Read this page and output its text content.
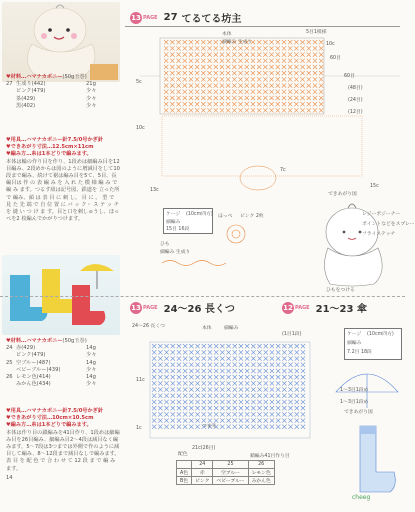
13 PAGE 27 てるてる坊主
♥材料…ハマナカボニー(50g玉巻)
27 生成り(442)	21g
ピンク(479)	少々
茶(429)	少々
黒(402)	少々
♥用具…ハマナカボニー針7.5/0号かぎ針
♥できあがり寸法…12.5cm×11cm
♥編み方…糸は1本どりで編みます。
本体は輪の作り目を作り、1段めは細編み目を12目編み、2段めからは図のように増減目をして10段まで編み、続けて裾は編み目を5て、5目、長編目は 作 の 表 編 み を 入 れ た 模 様 編 み で 編 み ます。つるす紐は記号図、鉄道を 立った所で 編み、顔 は 表 目 に 刺 し。 目 に 。 型 で 見 た 先 端 で 自 位 置 に バ ッ ク・ ス テ ッ チ を 縫 い つ け ま す。目と口を刺しゅうし、ほっぺを2 枚編んでかがりつけます。
♥材料…ハマナカボニー(50g玉巻)
24 赤(429)	14g
ピンク(479)	少々
25 空ブルー(487)	14g
ベビーブルー(439)	少々
26 レモン色(414)	14g
みかん色(434)	少々
♥用具…ハマナカボニー針7.5/0号かぎ針
♥できあがり寸法…10cm×10.5cm
♥編み方…糸は1本どりで編みます。
本体は作り目の鎖編みを41目作り、1段めは細編み目を26目編み、細編み目2〜4段は減目なく編みます。5〜7段は3つまでは外側で作のように減目して編み、8〜12段まで減目なしで編みます。 表 目 を 配 色 で 合 わ せ て 12 段 ま で 編 み ます。
14
本体
細編み 生成り
5目1模様
10c
60目
60目
(48目)
(24目)
(12目)
5c
10c
13c
7c
15c
ケージ (10cm四方)
細編み
15目 16段
ほっぺ ピンク 2枚
ひも
細編み 生成り
できあがり図
レジーポジーナー
ポイントなどをスプレー
フライステッチ
ひもをつける
13 PAGE 24〜26 長くつ	12 PAGE 21〜23 傘
24〜26 長くつ	本体	細編み
(1目1段)
11c
1c	つま先
21c(26目)
鎖編み41目作り目
配色
	24	25	26
A色	赤	空ブルー	レモン色
B色	ピンク	ベビーブルー	みかん色
ケージ (10cm四方)
細編み
7.2目 18段
1〜3目1段め
1〜3目1段め
できあがり図
cheeg
